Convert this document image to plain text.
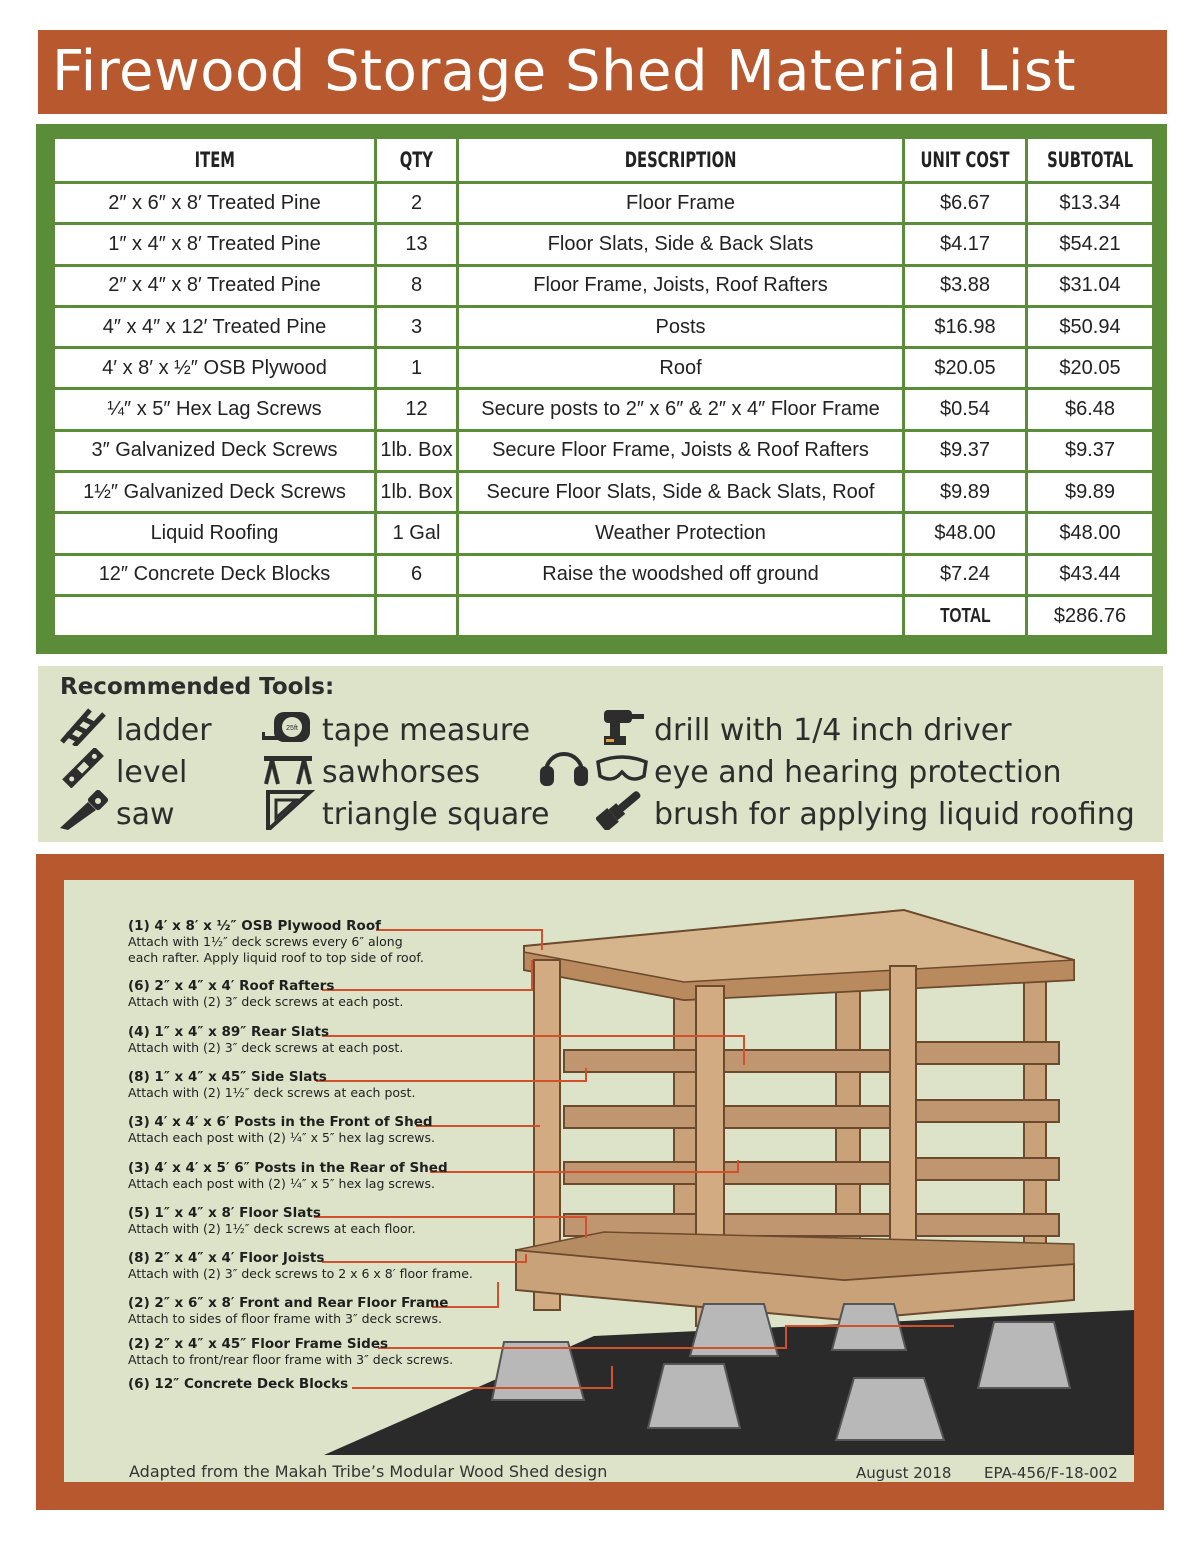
Firewood Storage Shed Material List
ITEM	QTY	DESCRIPTION	UNIT COST	SUBTOTAL
2″ x 6″ x 8′ Treated Pine	2	Floor Frame	$6.67	$13.34
1″ x 4″ x 8′ Treated Pine	13	Floor Slats, Side & Back Slats	$4.17	$54.21
2″ x 4″ x 8′ Treated Pine	8	Floor Frame, Joists, Roof Rafters	$3.88	$31.04
4″ x 4″ x 12′ Treated Pine	3	Posts	$16.98	$50.94
4′ x 8′ x ½″ OSB Plywood	1	Roof	$20.05	$20.05
¼″ x 5″ Hex Lag Screws	12	Secure posts to 2″ x 6″ & 2″ x 4″ Floor Frame	$0.54	$6.48
3″ Galvanized Deck Screws	1lb. Box	Secure Floor Frame, Joists & Roof Rafters	$9.37	$9.37
1½″ Galvanized Deck Screws	1lb. Box	Secure Floor Slats, Side & Back Slats, Roof	$9.89	$9.89
Liquid Roofing	1 Gal	Weather Protection	$48.00	$48.00
12″ Concrete Deck Blocks	6	Raise the woodshed off ground	$7.24	$43.44
			TOTAL	$286.76
Recommended Tools:
ladder
level
saw
25ft tape measure
sawhorses
triangle square
drill with 1/4 inch driver
eye and hearing protection
brush for applying liquid roofing
(1) 4′ x 8′ x ½″ OSB Plywood Roof
Attach with 1½″ deck screws every 6″ along
each rafter. Apply liquid roof to top side of roof.
(6) 2″ x 4″ x 4′ Roof Rafters
Attach with (2) 3″ deck screws at each post.
(4) 1″ x 4″ x 89″ Rear Slats
Attach with (2) 3″ deck screws at each post.
(8) 1″ x 4″ x 45″ Side Slats
Attach with (2) 1½″ deck screws at each post.
(3) 4′ x 4′ x 6′ Posts in the Front of Shed
Attach each post with (2) ¼″ x 5″ hex lag screws.
(3) 4′ x 4′ x 5′ 6″ Posts in the Rear of Shed
Attach each post with (2) ¼″ x 5″ hex lag screws.
(5) 1″ x 4″ x 8′ Floor Slats
Attach with (2) 1½″ deck screws at each floor.
(8) 2″ x 4″ x 4′ Floor Joists
Attach with (2) 3″ deck screws to 2 x 6 x 8′ floor frame.
(2) 2″ x 6″ x 8′ Front and Rear Floor Frame
Attach to sides of floor frame with 3″ deck screws.
(2) 2″ x 4″ x 45″ Floor Frame Sides
Attach to front/rear floor frame with 3″ deck screws.
(6) 12″ Concrete Deck Blocks
Adapted from the Makah Tribe’s Modular Wood Shed design	August 2018 EPA-456/F-18-002
